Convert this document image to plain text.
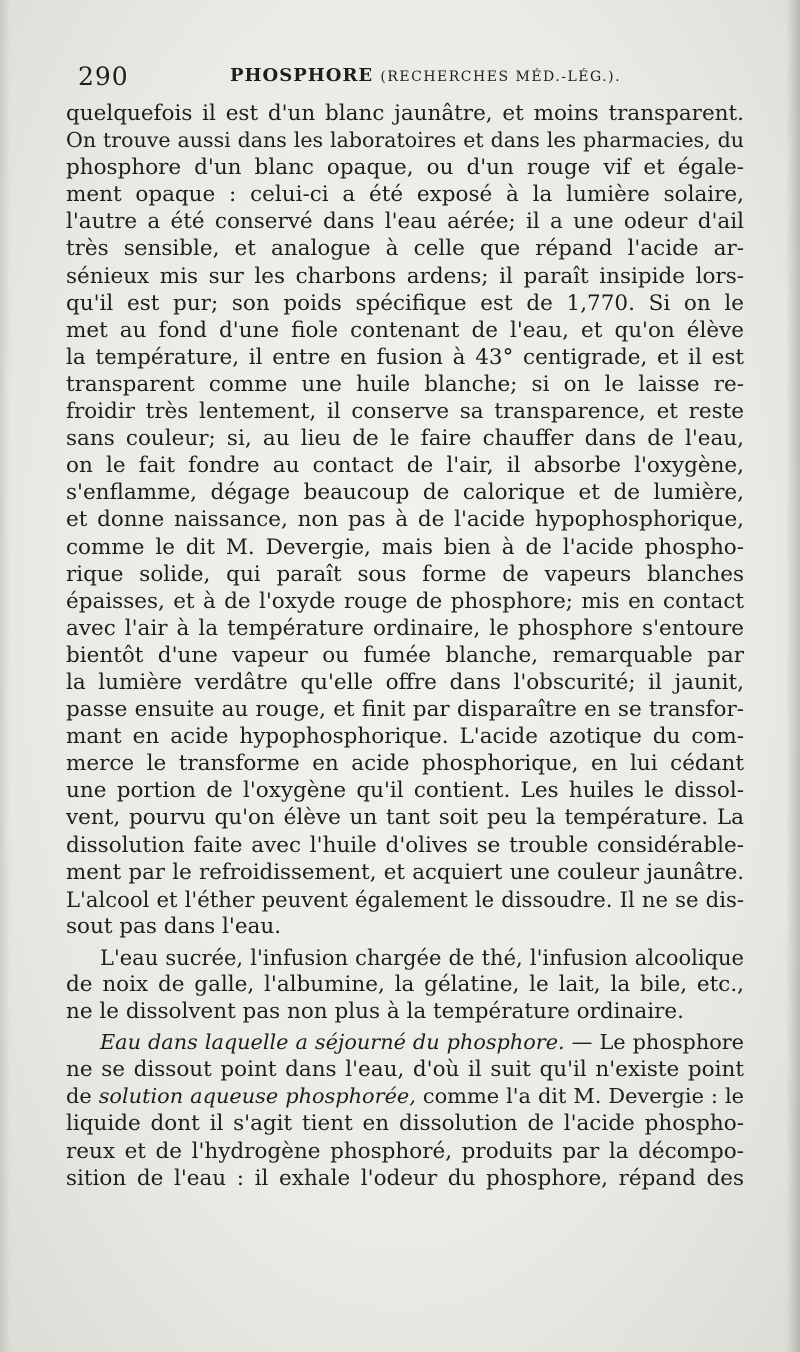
290	PHOSPHORE (RECHERCHES MÉD.-LÉG.).
quelquefois il est d'un blanc jaunâtre, et moins transparent.
On trouve aussi dans les laboratoires et dans les pharmacies, du
phosphore d'un blanc opaque, ou d'un rouge vif et égale-
ment opaque : celui-ci a été exposé à la lumière solaire,
l'autre a été conservé dans l'eau aérée; il a une odeur d'ail
très sensible, et analogue à celle que répand l'acide ar-
sénieux mis sur les charbons ardens; il paraît insipide lors-
qu'il est pur; son poids spécifique est de 1,770. Si on le
met au fond d'une fiole contenant de l'eau, et qu'on élève
la température, il entre en fusion à 43° centigrade, et il est
transparent comme une huile blanche; si on le laisse re-
froidir très lentement, il conserve sa transparence, et reste
sans couleur; si, au lieu de le faire chauffer dans de l'eau,
on le fait fondre au contact de l'air, il absorbe l'oxygène,
s'enflamme, dégage beaucoup de calorique et de lumière,
et donne naissance, non pas à de l'acide hypophosphorique,
comme le dit M. Devergie, mais bien à de l'acide phospho-
rique solide, qui paraît sous forme de vapeurs blanches
épaisses, et à de l'oxyde rouge de phosphore; mis en contact
avec l'air à la température ordinaire, le phosphore s'entoure
bientôt d'une vapeur ou fumée blanche, remarquable par
la lumière verdâtre qu'elle offre dans l'obscurité; il jaunit,
passe ensuite au rouge, et finit par disparaître en se transfor-
mant en acide hypophosphorique. L'acide azotique du com-
merce le transforme en acide phosphorique, en lui cédant
une portion de l'oxygène qu'il contient. Les huiles le dissol-
vent, pourvu qu'on élève un tant soit peu la température. La
dissolution faite avec l'huile d'olives se trouble considérable-
ment par le refroidissement, et acquiert une couleur jaunâtre.
L'alcool et l'éther peuvent également le dissoudre. Il ne se dis-
sout pas dans l'eau.
L'eau sucrée, l'infusion chargée de thé, l'infusion alcoolique
de noix de galle, l'albumine, la gélatine, le lait, la bile, etc.,
ne le dissolvent pas non plus à la température ordinaire.
Eau dans laquelle a séjourné du phosphore. — Le phosphore
ne se dissout point dans l'eau, d'où il suit qu'il n'existe point
de solution aqueuse phosphorée, comme l'a dit M. Devergie : le
liquide dont il s'agit tient en dissolution de l'acide phospho-
reux et de l'hydrogène phosphoré, produits par la décompo-
sition de l'eau : il exhale l'odeur du phosphore, répand des
